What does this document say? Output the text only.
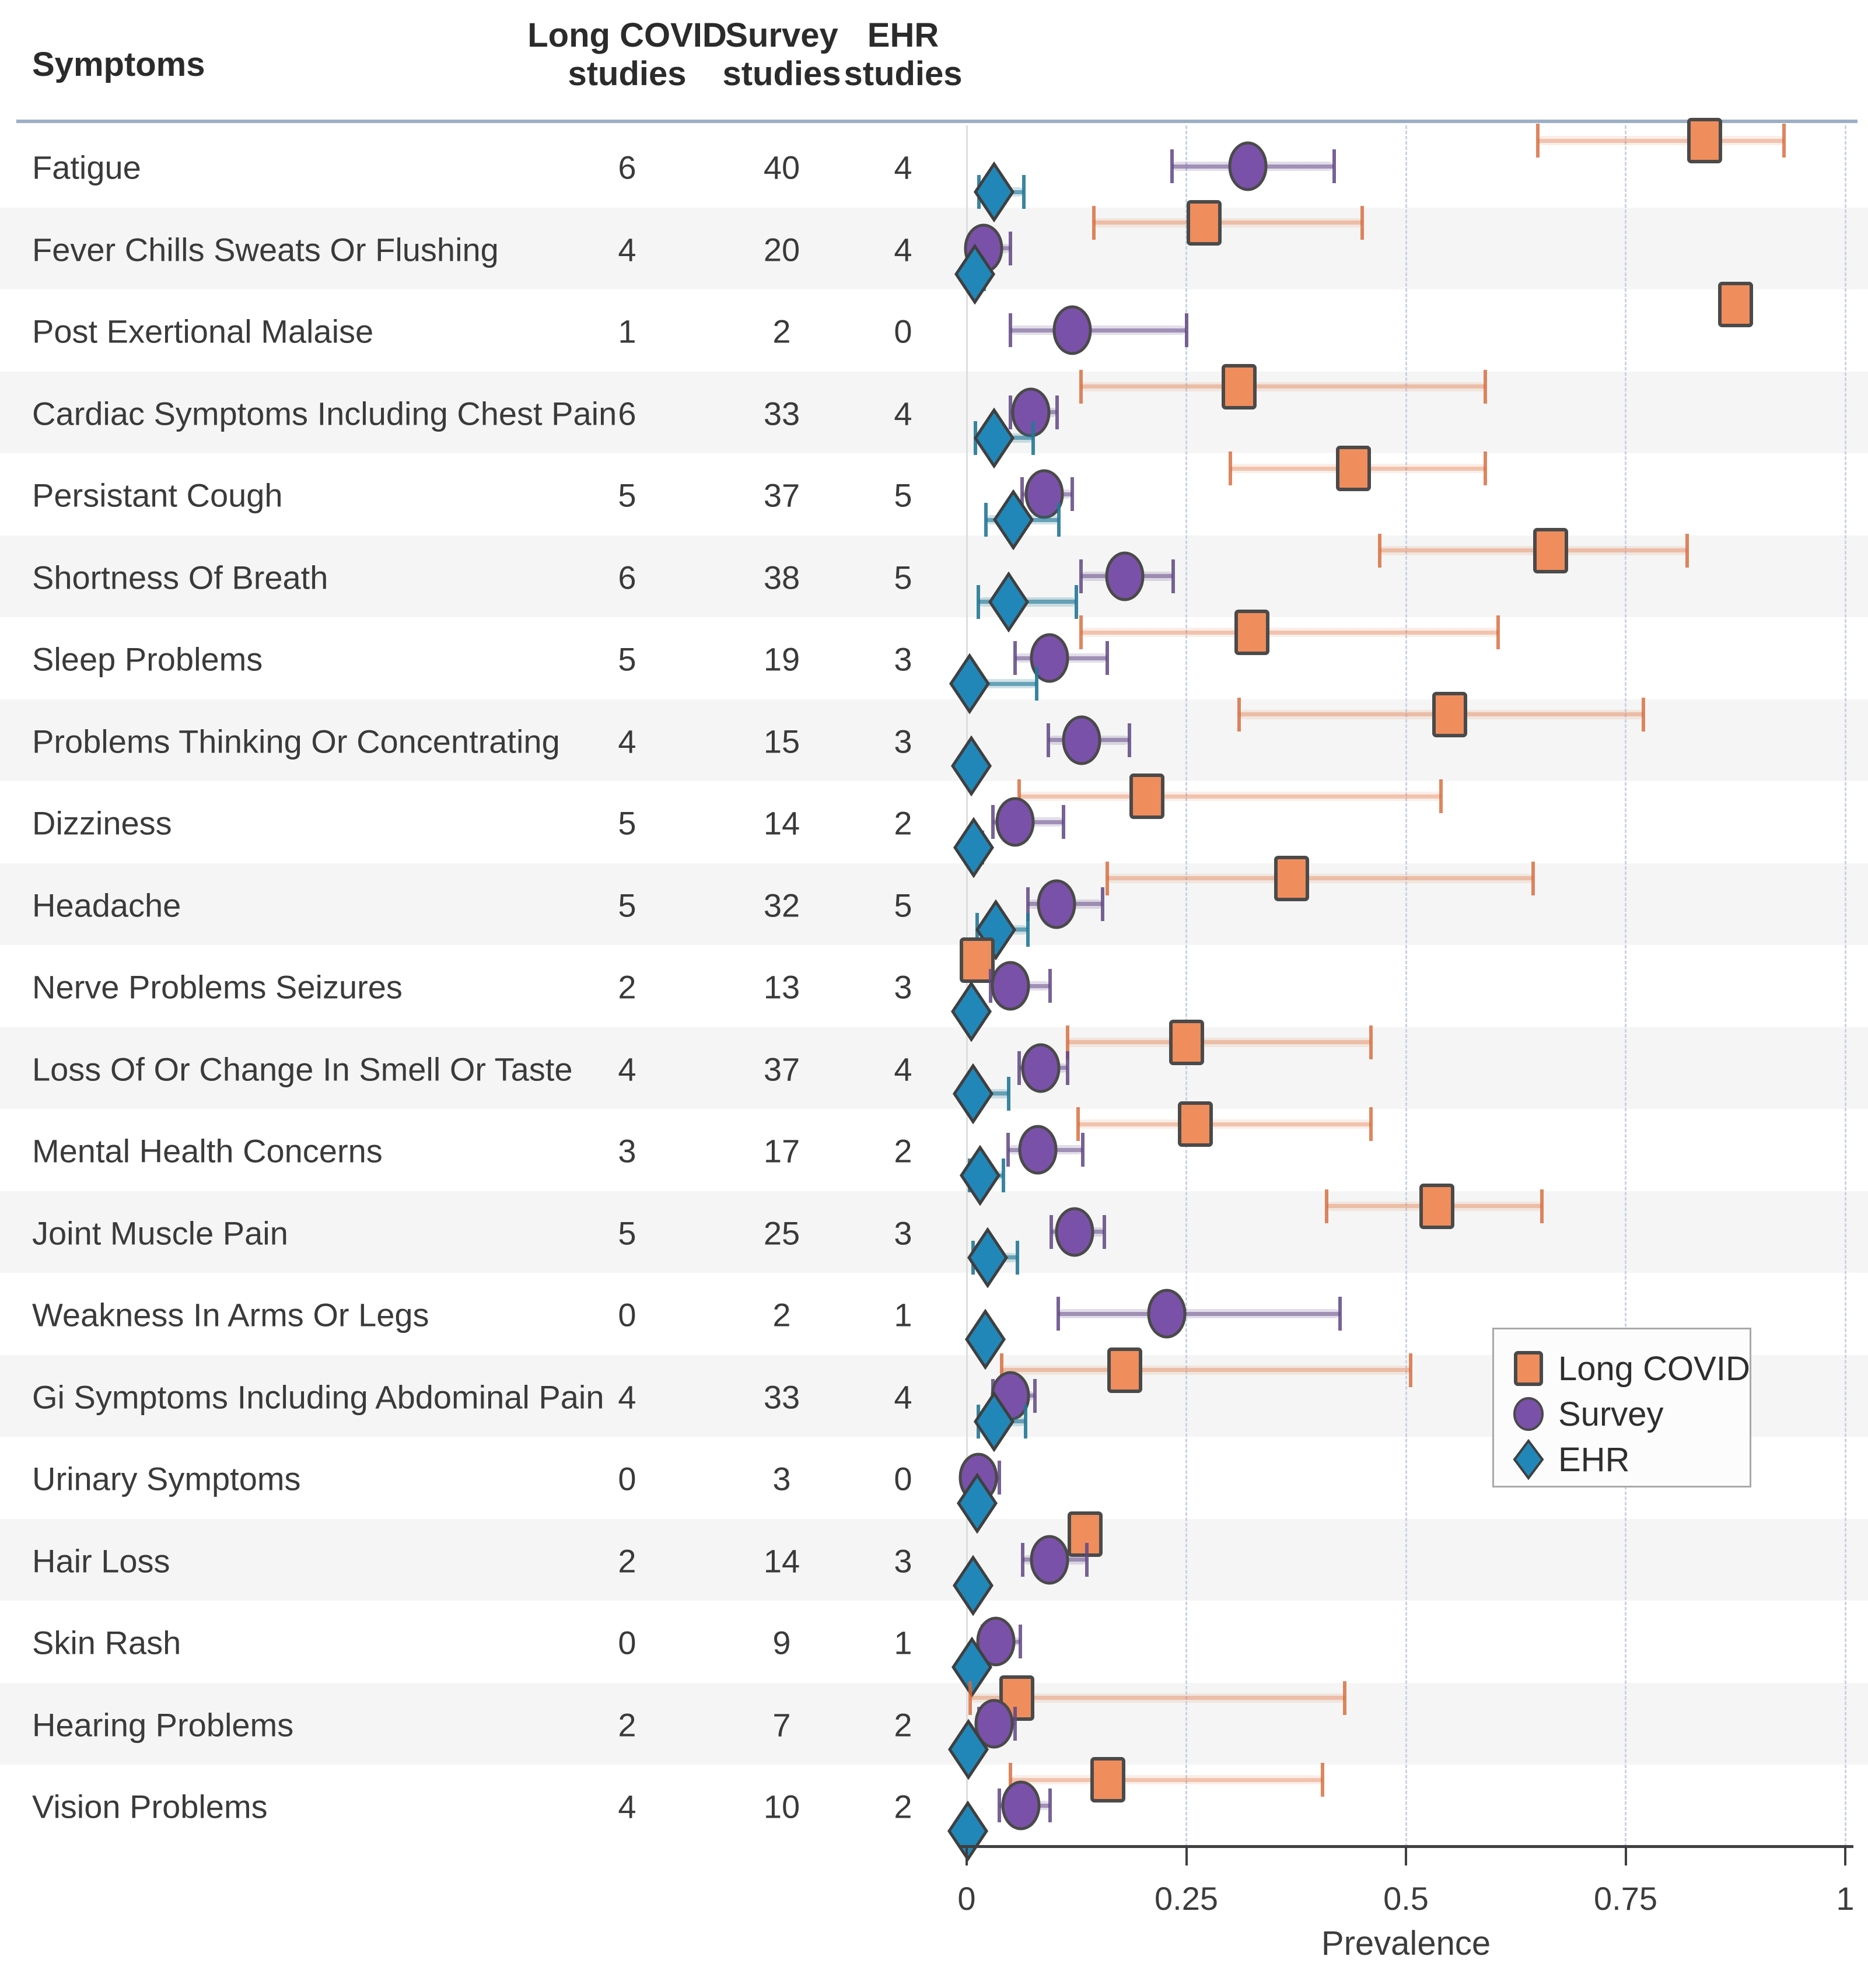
Symptoms
Long COVID
studies
Survey
studies
EHR
studies
Fatigue	6	40	4
Fever Chills Sweats Or Flushing	4	20	4
Post Exertional Malaise	1	2	0
Cardiac Symptoms Including Chest Pain 6	33	4
Persistant Cough	5	37	5
Shortness Of Breath	6	38	5
Sleep Problems	5	19	3
Problems Thinking Or Concentrating 4	15	3
Dizziness	5	14	2
Headache	5	32	5
Nerve Problems Seizures	2	13	3
Loss Of Or Change In Smell Or Taste 4	37	4
Mental Health Concerns	3	17	2
Joint Muscle Pain	5	25	3
Weakness In Arms Or Legs	0	2	1
Gi Symptoms Including Abdominal Pain 4	33	4
Urinary Symptoms	0	3	0
Hair Loss	2	14	3
Skin Rash	0	9	1
Hearing Problems	2	7	2
Vision Problems	4	10	2
0	0.25	0.5	0.75	1
Prevalence
Long COVID
Survey
EHR
